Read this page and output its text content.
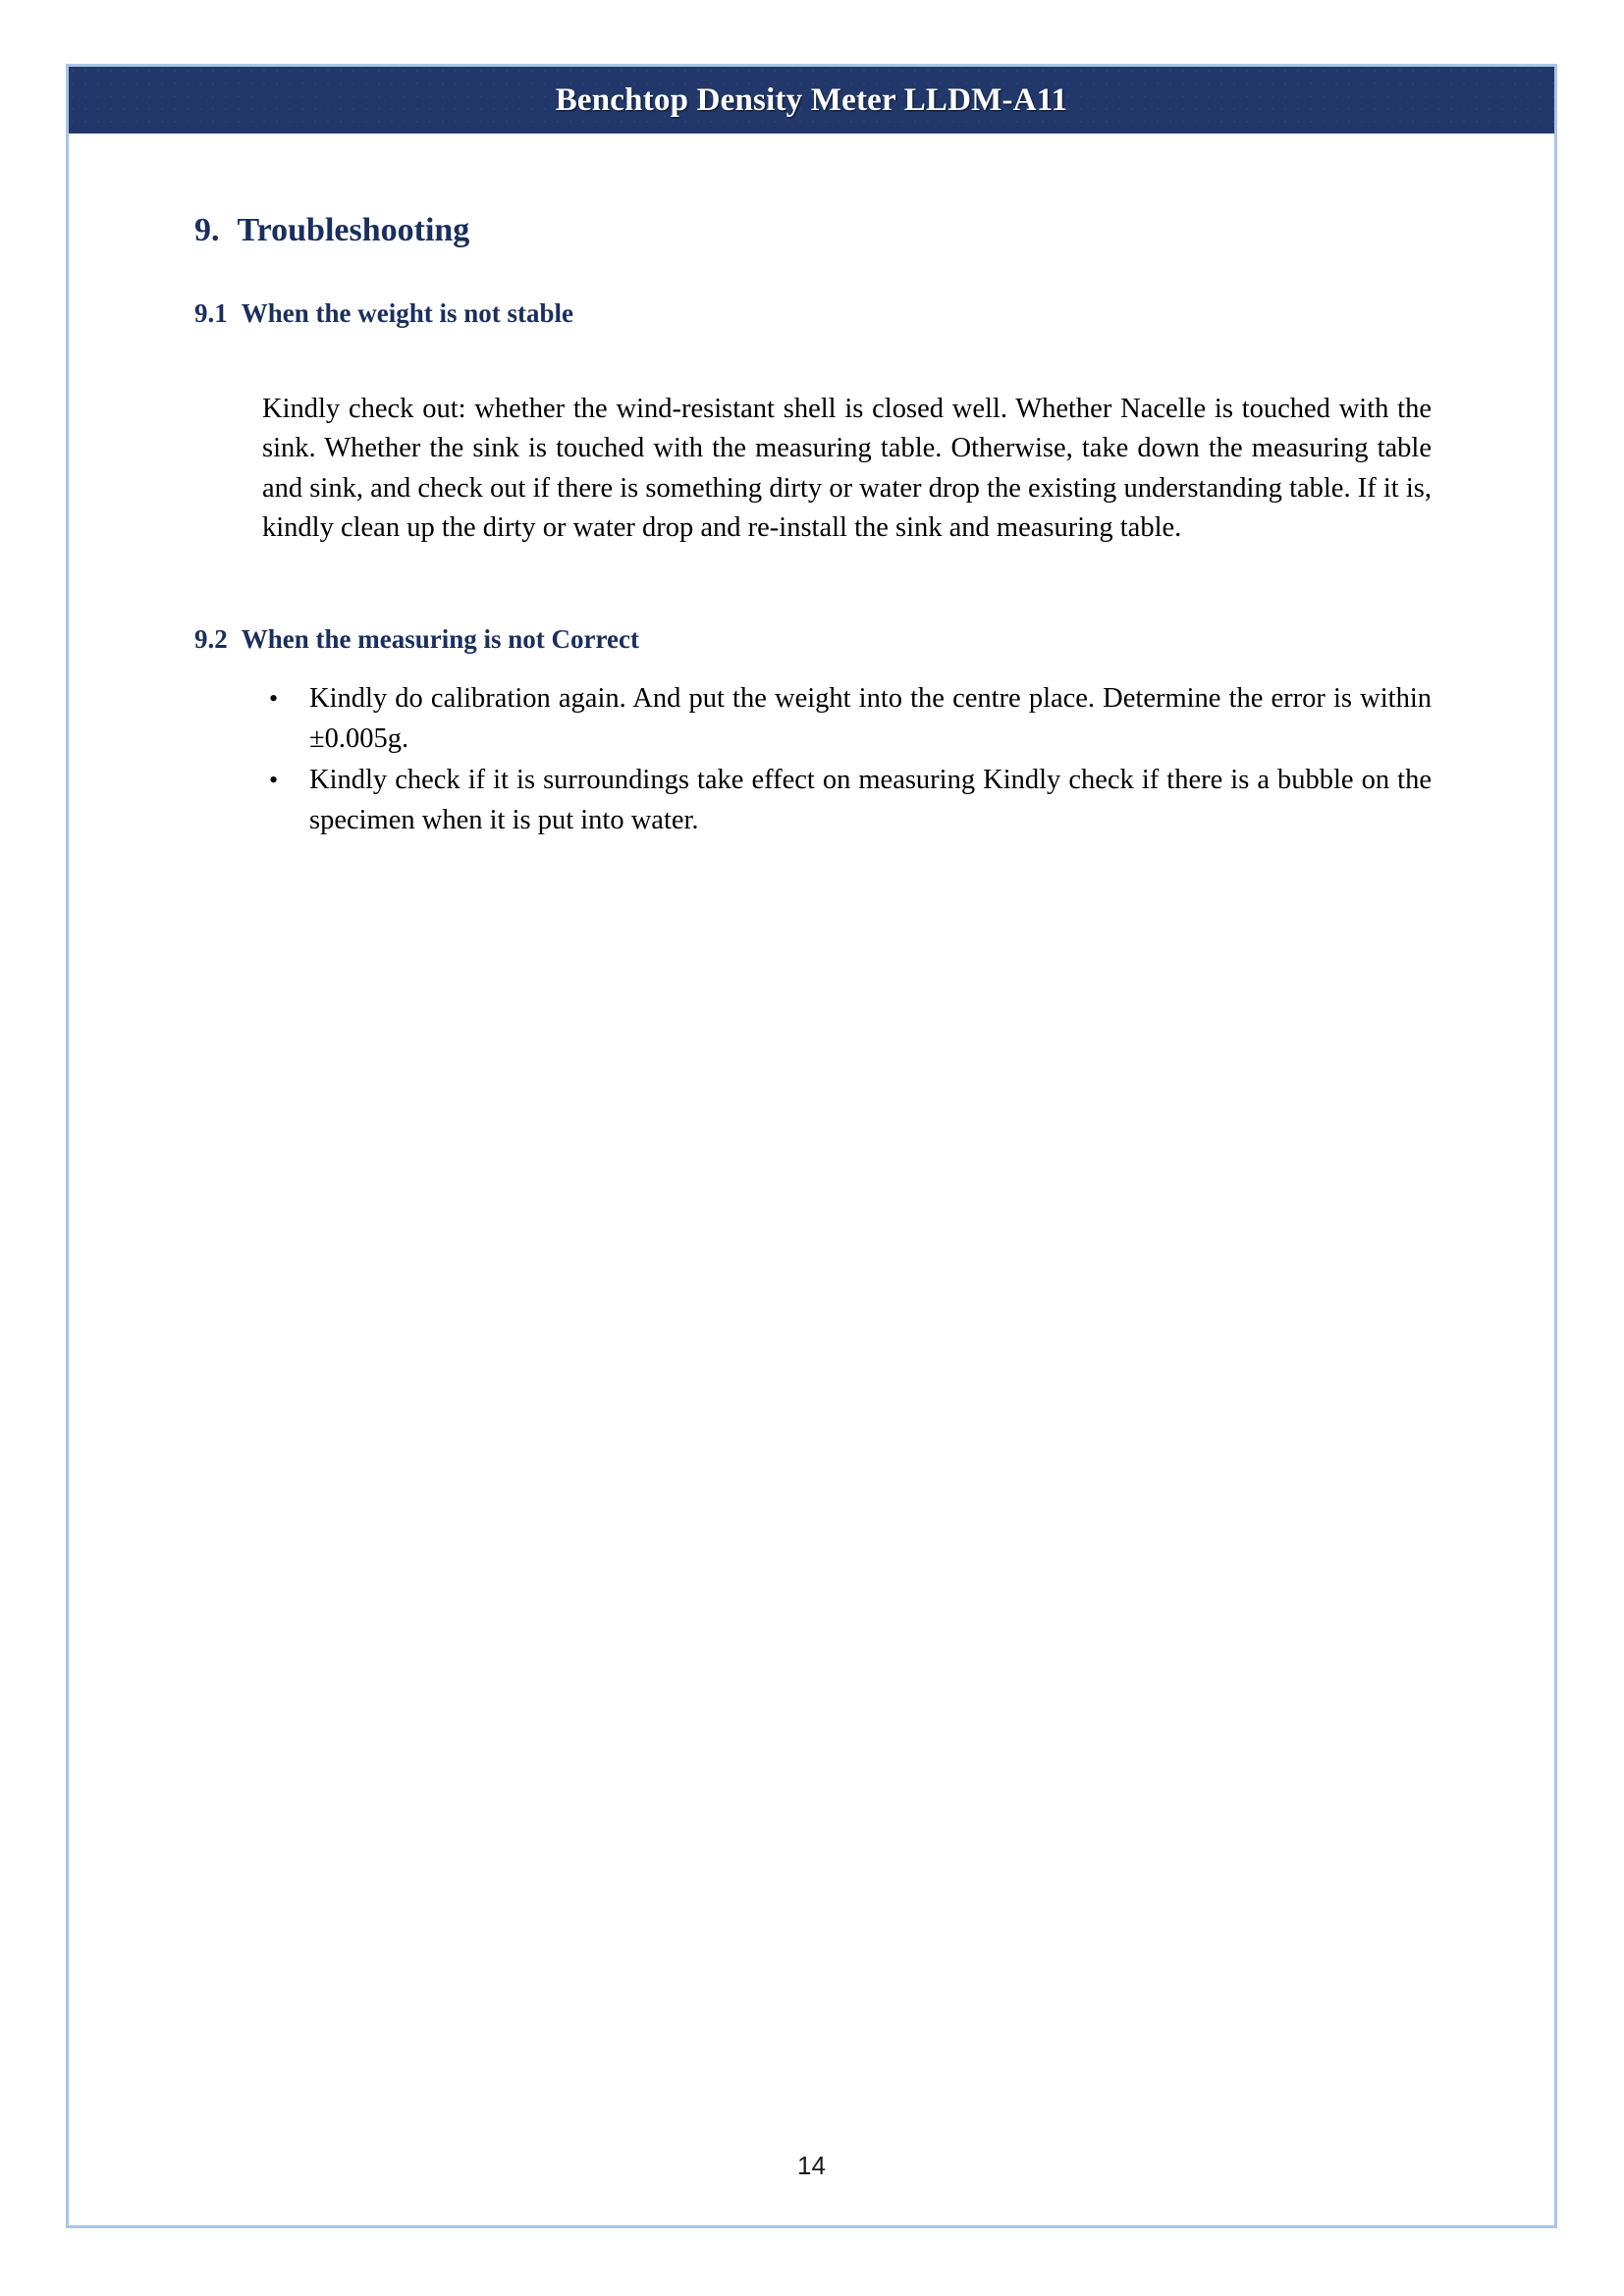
Benchtop Density Meter LLDM-A11
9. Troubleshooting
9.1 When the weight is not stable

Kindly check out: whether the wind-resistant shell is closed well. Whether Nacelle is touched with the sink. Whether the sink is touched with the measuring table. Otherwise, take down the measuring table and sink, and check out if there is something dirty or water drop the existing understanding table. If it is, kindly clean up the dirty or water drop and re-install the sink and measuring table.

9.2 When the measuring is not Correct
• Kindly do calibration again. And put the weight into the centre place. Determine the error is within ±0.005g.
• Kindly check if it is surroundings take effect on measuring Kindly check if there is a bubble on the specimen when it is put into water.
14
